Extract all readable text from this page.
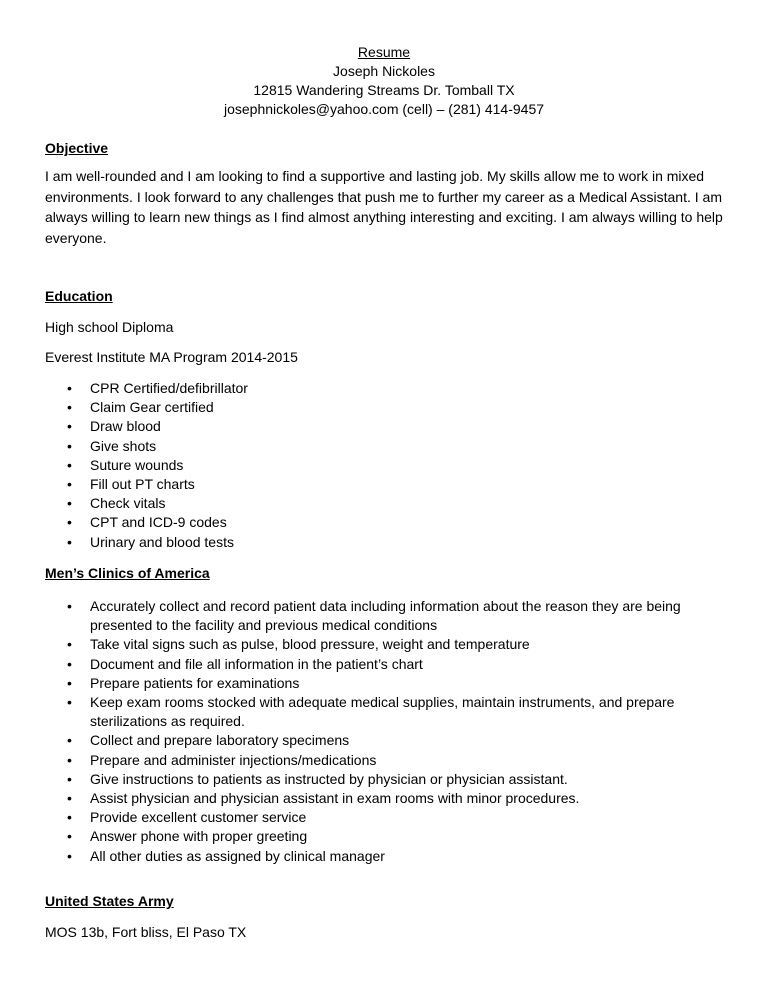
Resume
Joseph Nickoles
12815 Wandering Streams Dr. Tomball TX
josephnickoles@yahoo.com (cell) – (281) 414-9457
Objective
I am well-rounded and I am looking to find a supportive and lasting job. My skills allow me to work in mixed environments. I look forward to any challenges that push me to further my career as a Medical Assistant. I am always willing to learn new things as I find almost anything interesting and exciting. I am always willing to help everyone.
Education
High school Diploma
Everest Institute MA Program 2014-2015
• CPR Certified/defibrillator
• Claim Gear certified
• Draw blood
• Give shots
• Suture wounds
• Fill out PT charts
• Check vitals
• CPT and ICD-9 codes
• Urinary and blood tests
Men’s Clinics of America
• Accurately collect and record patient data including information about the reason they are being presented to the facility and previous medical conditions
• Take vital signs such as pulse, blood pressure, weight and temperature
• Document and file all information in the patient’s chart
• Prepare patients for examinations
• Keep exam rooms stocked with adequate medical supplies, maintain instruments, and prepare sterilizations as required.
• Collect and prepare laboratory specimens
• Prepare and administer injections/medications
• Give instructions to patients as instructed by physician or physician assistant.
• Assist physician and physician assistant in exam rooms with minor procedures.
• Provide excellent customer service
• Answer phone with proper greeting
• All other duties as assigned by clinical manager
United States Army
MOS 13b, Fort bliss, El Paso TX
